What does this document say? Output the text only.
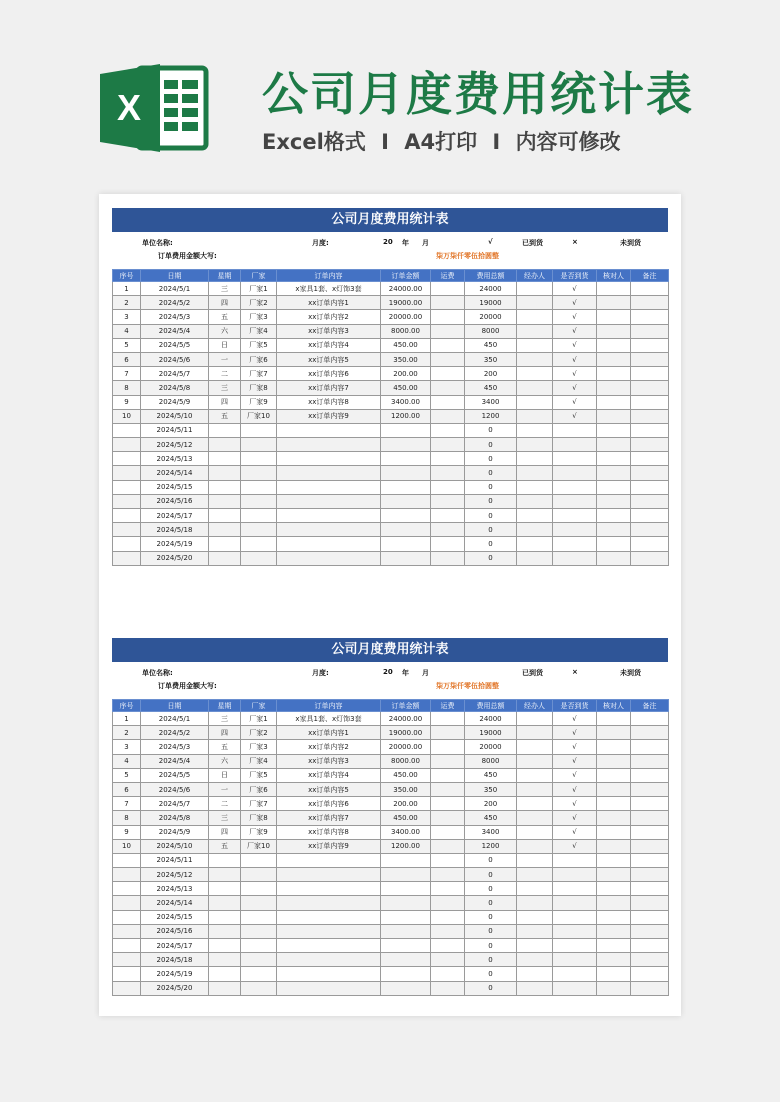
X	公司月度费用统计表
Excel格式 I A4打印 I 内容可修改
公司月度费用统计表
单位名称:	月度:	20 年 月	√	已到货	×	未到货
订单费用金额大写:	柒万柒仟零伍拾圆整
序号	日期	星期	厂家	订单内容	订单金额	运费	费用总额	经办人	是否到货	核对人	备注
1	2024/5/1	三	厂家1	x家具1套、x灯饰3套	24000.00		24000		√		
2	2024/5/2	四	厂家2	xx订单内容1	19000.00		19000		√		
3	2024/5/3	五	厂家3	xx订单内容2	20000.00		20000		√		
4	2024/5/4	六	厂家4	xx订单内容3	8000.00		8000		√		
5	2024/5/5	日	厂家5	xx订单内容4	450.00		450		√		
6	2024/5/6	一	厂家6	xx订单内容5	350.00		350		√		
7	2024/5/7	二	厂家7	xx订单内容6	200.00		200		√		
8	2024/5/8	三	厂家8	xx订单内容7	450.00		450		√		
9	2024/5/9	四	厂家9	xx订单内容8	3400.00		3400		√		
10	2024/5/10	五	厂家10	xx订单内容9	1200.00		1200		√		
	2024/5/11						0				
	2024/5/12						0				
	2024/5/13						0				
	2024/5/14						0				
	2024/5/15						0				
	2024/5/16						0				
	2024/5/17						0				
	2024/5/18						0				
	2024/5/19						0				
	2024/5/20						0				
公司月度费用统计表
单位名称:	月度:	20 年 月	已到货	×	未到货
订单费用金额大写:	柒万柒仟零伍拾圆整
序号	日期	星期	厂家	订单内容	订单金额	运费	费用总额	经办人	是否到货	核对人	备注
1	2024/5/1	三	厂家1	x家具1套、x灯饰3套	24000.00		24000		√		
2	2024/5/2	四	厂家2	xx订单内容1	19000.00		19000		√		
3	2024/5/3	五	厂家3	xx订单内容2	20000.00		20000		√		
4	2024/5/4	六	厂家4	xx订单内容3	8000.00		8000		√		
5	2024/5/5	日	厂家5	xx订单内容4	450.00		450		√		
6	2024/5/6	一	厂家6	xx订单内容5	350.00		350		√		
7	2024/5/7	二	厂家7	xx订单内容6	200.00		200		√		
8	2024/5/8	三	厂家8	xx订单内容7	450.00		450		√		
9	2024/5/9	四	厂家9	xx订单内容8	3400.00		3400		√		
10	2024/5/10	五	厂家10	xx订单内容9	1200.00		1200		√		
	2024/5/11						0				
	2024/5/12						0				
	2024/5/13						0				
	2024/5/14						0				
	2024/5/15						0				
	2024/5/16						0				
	2024/5/17						0				
	2024/5/18						0				
	2024/5/19						0				
	2024/5/20						0				
